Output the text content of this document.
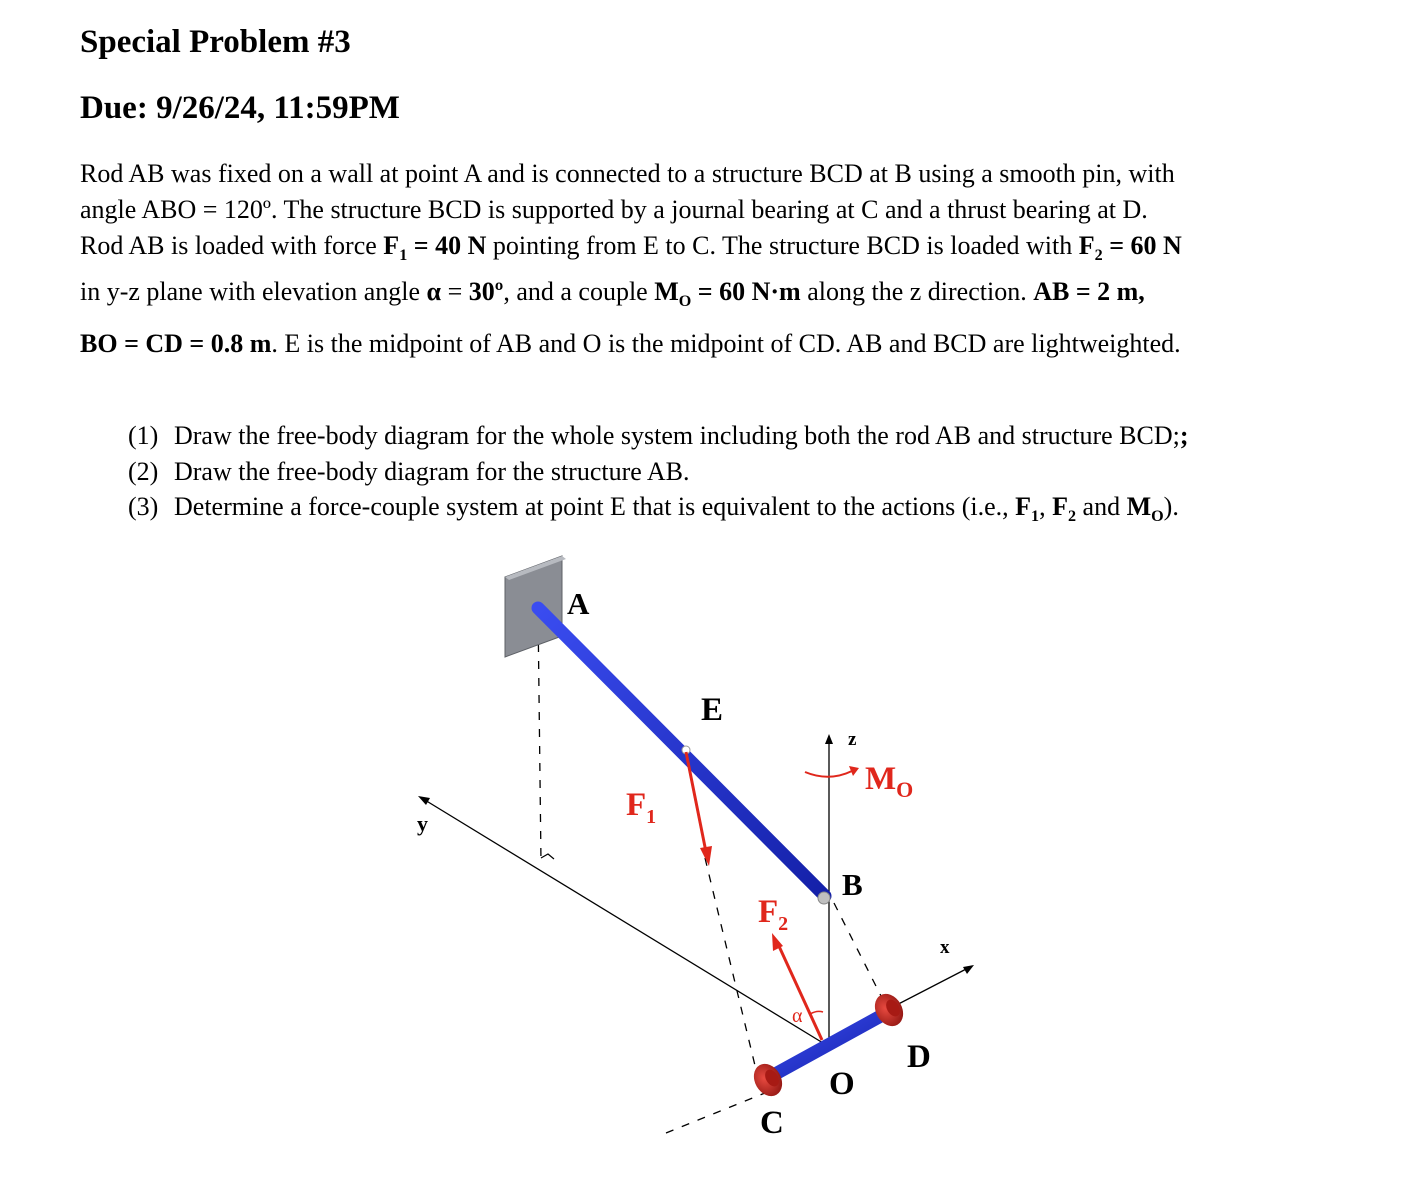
Special Problem #3
Due: 9/26/24, 11:59PM
Rod AB was fixed on a wall at point A and is connected to a structure BCD at B using a smooth pin, with
angle ABO = 120º. The structure BCD is supported by a journal bearing at C and a thrust bearing at D.
Rod AB is loaded with force $F_1 = 40$ N pointing from E to C. The structure BCD is loaded with $F_2 = 60$ N
in y-z plane with elevation angle α = 30º, and a couple $M_O = 60$ N·m along the z direction. AB = 2 m,
BO = CD = 0.8 m. E is the midpoint of AB and O is the midpoint of CD. AB and BCD are lightweighted.
(1) Draw the free-body diagram for the whole system including both the rod AB and structure BCD;;
(2) Draw the free-body diagram for the structure AB.
(3) Determine a force-couple system at point E that is equivalent to the actions (i.e., $F_1$, $F_2$ and $M_O$).
A
E
z
y
x
B
D
O
C
$F_1$
$F_2$
$M_O$
α
